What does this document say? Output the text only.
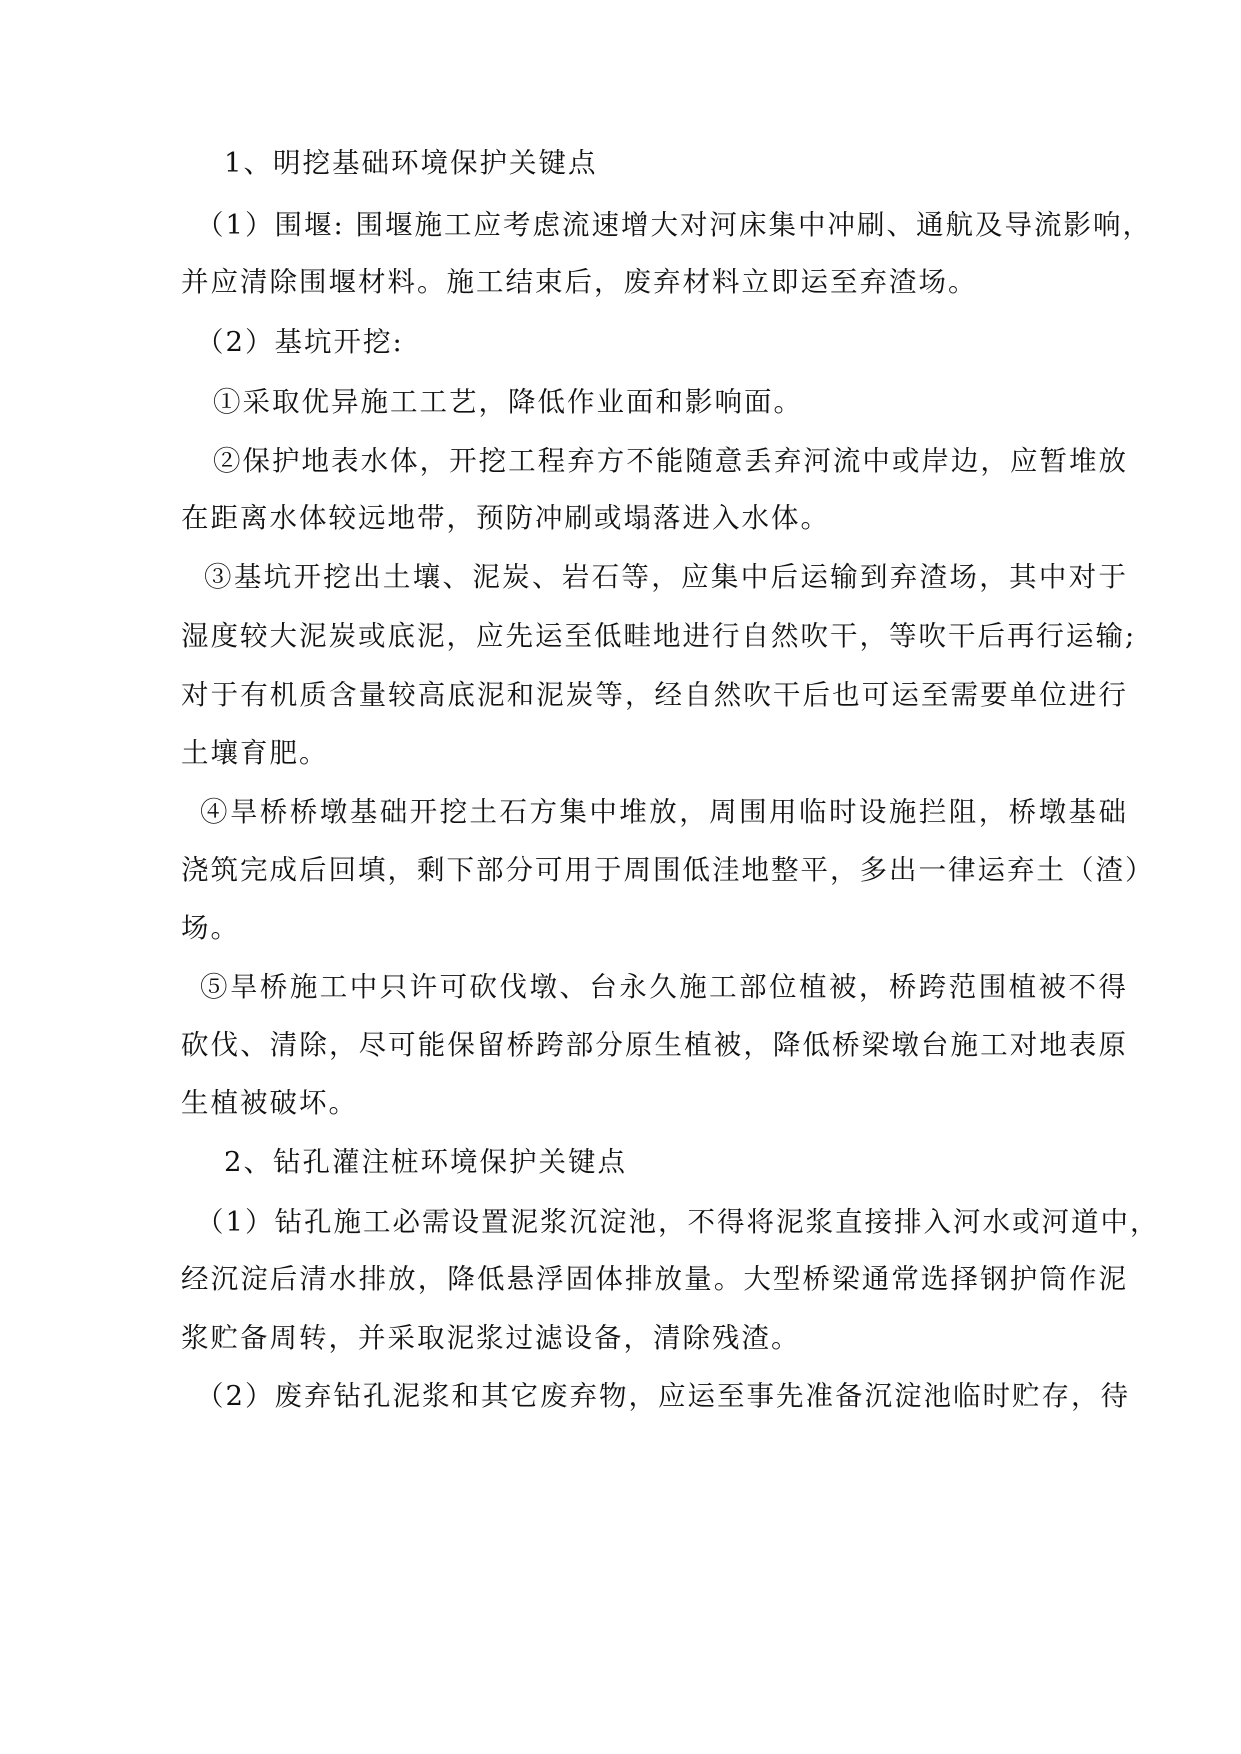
1、明挖基础环境保护关键点
（1）围堰: 围堰施工应考虑流速增大对河床集中冲刷、通航及导流影响，
并应清除围堰材料。施工结束后，废弃材料立即运至弃渣场。
（2）基坑开挖:
①采取优异施工工艺，降低作业面和影响面。
②保护地表水体，开挖工程弃方不能随意丢弃河流中或岸边，应暂堆放
在距离水体较远地带，预防冲刷或塌落进入水体。
③基坑开挖出土壤、泥炭、岩石等，应集中后运输到弃渣场，其中对于
湿度较大泥炭或底泥，应先运至低畦地进行自然吹干，等吹干后再行运输;
对于有机质含量较高底泥和泥炭等，经自然吹干后也可运至需要单位进行
土壤育肥。
④旱桥桥墩基础开挖土石方集中堆放，周围用临时设施拦阻，桥墩基础
浇筑完成后回填，剩下部分可用于周围低洼地整平，多出一律运弃土（渣）
场。
⑤旱桥施工中只许可砍伐墩、台永久施工部位植被，桥跨范围植被不得
砍伐、清除，尽可能保留桥跨部分原生植被，降低桥梁墩台施工对地表原
生植被破坏。
2、钻孔灌注桩环境保护关键点
（1）钻孔施工必需设置泥浆沉淀池，不得将泥浆直接排入河水或河道中，
经沉淀后清水排放，降低悬浮固体排放量。大型桥梁通常选择钢护筒作泥
浆贮备周转，并采取泥浆过滤设备，清除残渣。
（2）废弃钻孔泥浆和其它废弃物，应运至事先准备沉淀池临时贮存，待
